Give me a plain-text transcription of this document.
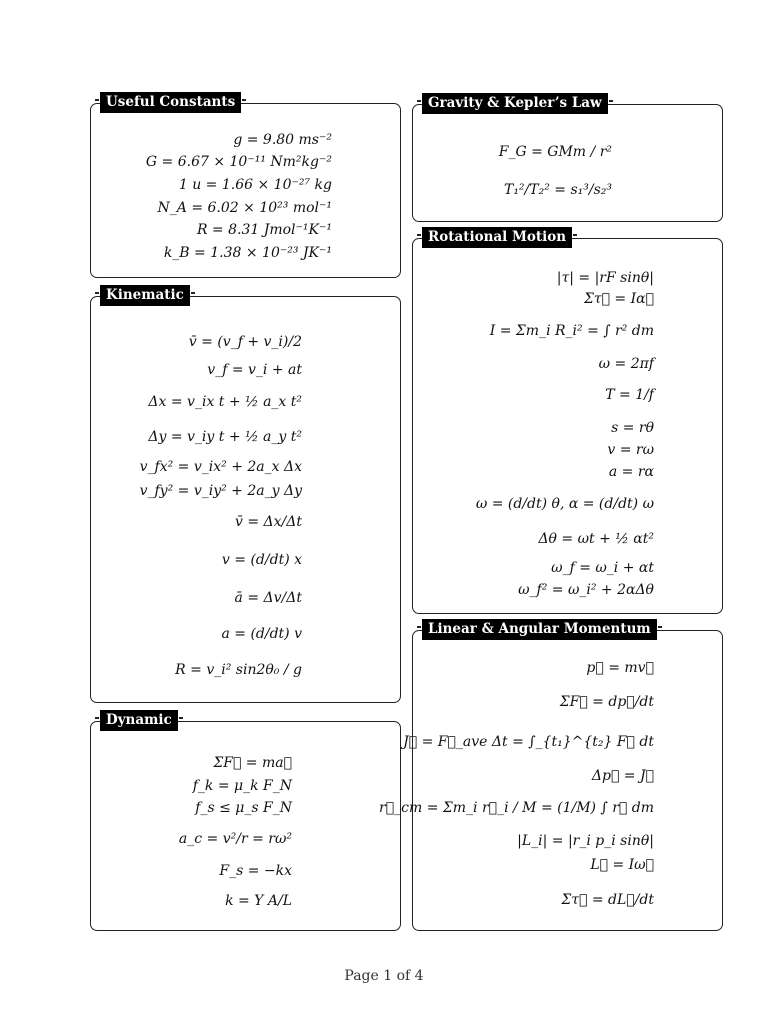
Useful Constants
g = 9.80 ms⁻²
G = 6.67 × 10⁻¹¹ Nm²kg⁻²
1 u = 1.66 × 10⁻²⁷ kg
N_A = 6.02 × 10²³ mol⁻¹
R = 8.31 Jmol⁻¹K⁻¹
k_B = 1.38 × 10⁻²³ JK⁻¹
Kinematic
v̄ = (v_f + v_i)/2
v_f = v_i + at
Δx = v_ix t + ½ a_x t²
Δy = v_iy t + ½ a_y t²
v_fx² = v_ix² + 2a_x Δx
v_fy² = v_iy² + 2a_y Δy
v̄ = Δx/Δt
v = (d/dt) x
ā = Δv/Δt
a = (d/dt) v
R = v_i² sin2θ₀ / g
Dynamic
ΣF⃗ = ma⃗
f_k = μ_k F_N
f_s ≤ μ_s F_N
a_c = v²/r = rω²
F_s = −kx
k = Y A/L
Gravity & Kepler’s Law
F_G = GMm / r²
T₁²/T₂² = s₁³/s₂³
Rotational Motion
|τ| = |rF sinθ|
Στ⃗ = Iα⃗
I = Σm_i R_i² = ∫ r² dm
ω = 2πf
T = 1/f
s = rθ
v = rω
a = rα
ω = (d/dt) θ, α = (d/dt) ω
Δθ = ωt + ½ αt²
ω_f = ω_i + αt
ω_f² = ω_i² + 2αΔθ
Linear & Angular Momentum
p⃗ = mv⃗
ΣF⃗ = dp⃗/dt
J⃗ = F⃗_ave Δt = ∫_{t₁}^{t₂} F⃗ dt
Δp⃗ = J⃗
r⃗_cm = Σm_i r⃗_i / M = (1/M) ∫ r⃗ dm
|L_i| = |r_i p_i sinθ|
L⃗ = Iω⃗
Στ⃗ = dL⃗/dt
Page 1 of 4
